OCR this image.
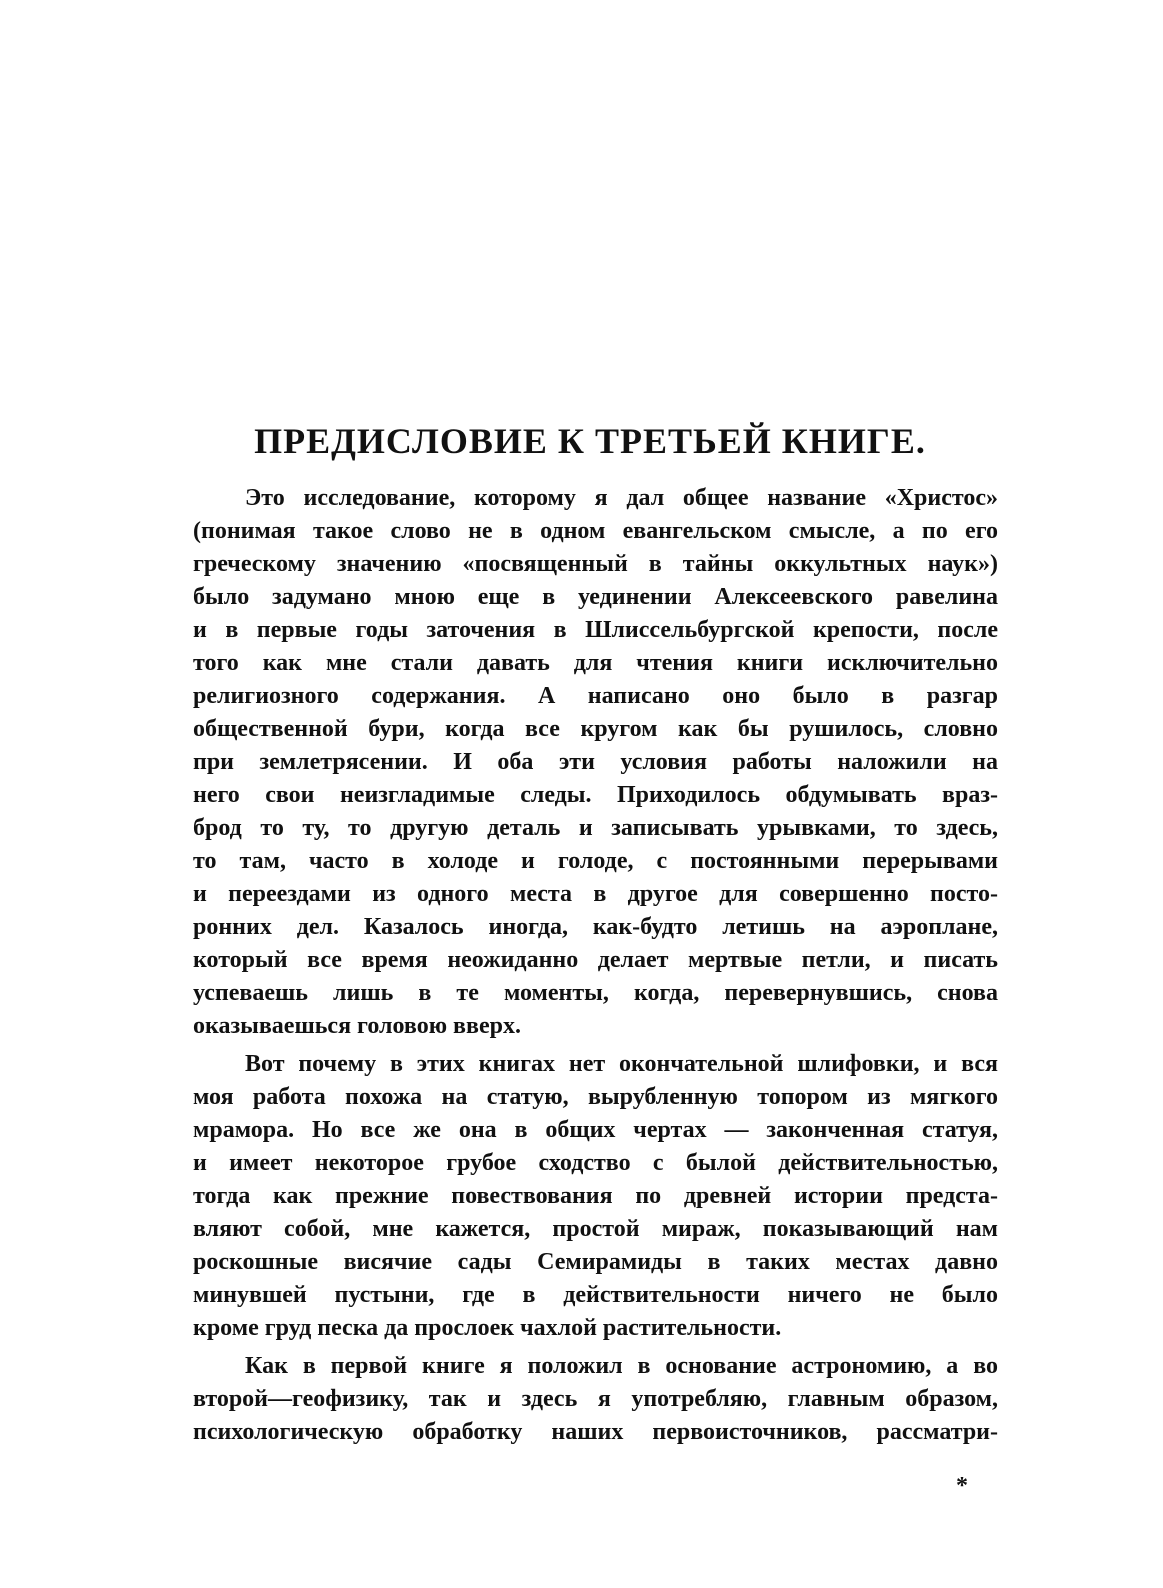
ПРЕДИСЛОВИЕ К ТРЕТЬЕЙ КНИГЕ.
Это исследование, которому я дал общее название «Христос»
(понимая такое слово не в одном евангельском смысле, а по его
греческому значению «посвященный в тайны оккультных наук»)
было задумано мною еще в уединении Алексеевского равелина
и в первые годы заточения в Шлиссельбургской крепости, после
того как мне стали давать для чтения книги исключительно
религиозного содержания. А написано оно было в разгар
общественной бури, когда все кругом как бы рушилось, словно
при землетрясении. И оба эти условия работы наложили на
него свои неизгладимые следы. Приходилось обдумывать враз-
брод то ту, то другую деталь и записывать урывками, то здесь,
то там, часто в холоде и голоде, с постоянными перерывами
и переездами из одного места в другое для совершенно посто-
ронних дел. Казалось иногда, как-будто летишь на аэроплане,
который все время неожиданно делает мертвые петли, и писать
успеваешь лишь в те моменты, когда, перевернувшись, снова
оказываешься головою вверх.
Вот почему в этих книгах нет окончательной шлифовки, и вся
моя работа похожа на статую, вырубленную топором из мягкого
мрамора. Но все же она в общих чертах — законченная статуя,
и имеет некоторое грубое сходство с былой действительностью,
тогда как прежние повествования по древней истории предста-
вляют собой, мне кажется, простой мираж, показывающий нам
роскошные висячие сады Семирамиды в таких местах давно
минувшей пустыни, где в действительности ничего не было
кроме груд песка да прослоек чахлой растительности.
Как в первой книге я положил в основание астрономию, а во
второй—геофизику, так и здесь я употребляю, главным образом,
психологическую обработку наших первоисточников, рассматри-
*
